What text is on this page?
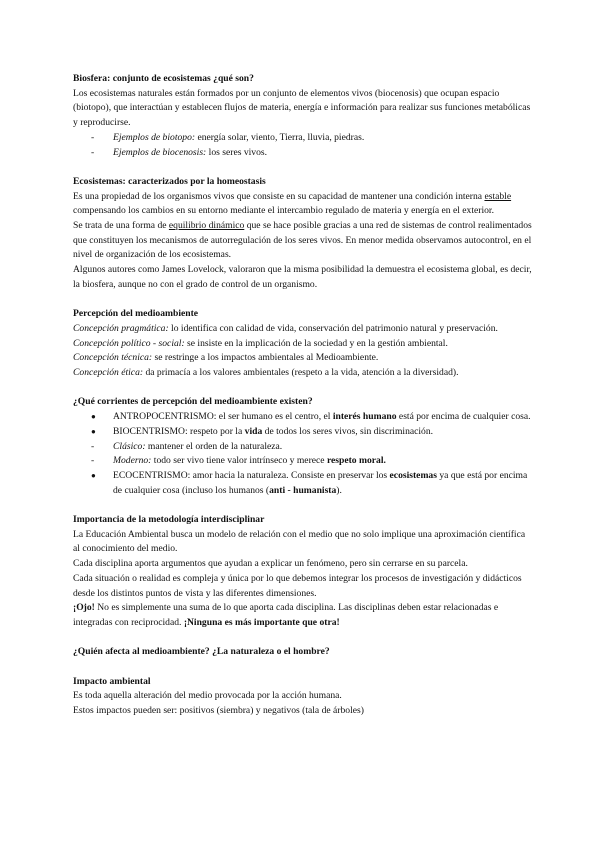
Biosfera: conjunto de ecosistemas ¿qué son?

Los ecosistemas naturales están formados por un conjunto de elementos vivos (biocenosis) que ocupan espacio (biotopo), que interactúan y establecen flujos de materia, energía e información para realizar sus funciones metabólicas y reproducirse.

- Ejemplos de biotopo: energía solar, viento, Tierra, lluvia, piedras.
- Ejemplos de biocenosis: los seres vivos.

Ecosistemas: caracterizados por la homeostasis

Es una propiedad de los organismos vivos que consiste en su capacidad de mantener una condición interna estable compensando los cambios en su entorno mediante el intercambio regulado de materia y energía en el exterior.

Se trata de una forma de equilibrio dinámico que se hace posible gracias a una red de sistemas de control realimentados que constituyen los mecanismos de autorregulación de los seres vivos. En menor medida observamos autocontrol, en el nivel de organización de los ecosistemas.

Algunos autores como James Lovelock, valoraron que la misma posibilidad la demuestra el ecosistema global, es decir, la biosfera, aunque no con el grado de control de un organismo.

Percepción del medioambiente

Concepción pragmática: lo identifica con calidad de vida, conservación del patrimonio natural y preservación.

Concepción político - social: se insiste en la implicación de la sociedad y en la gestión ambiental.

Concepción técnica: se restringe a los impactos ambientales al Medioambiente.

Concepción ética: da primacía a los valores ambientales (respeto a la vida, atención a la diversidad).

¿Qué corrientes de percepción del medioambiente existen?

● ANTROPOCENTRISMO: el ser humano es el centro, el interés humano está por encima de cualquier cosa.
● BIOCENTRISMO: respeto por la vida de todos los seres vivos, sin discriminación.
- Clásico: mantener el orden de la naturaleza.
- Moderno: todo ser vivo tiene valor intrínseco y merece respeto moral.
● ECOCENTRISMO: amor hacia la naturaleza. Consiste en preservar los ecosistemas ya que está por encima de cualquier cosa (incluso los humanos (anti - humanista).

Importancia de la metodología interdisciplinar

La Educación Ambiental busca un modelo de relación con el medio que no solo implique una aproximación científica al conocimiento del medio.

Cada disciplina aporta argumentos que ayudan a explicar un fenómeno, pero sin cerrarse en su parcela.

Cada situación o realidad es compleja y única por lo que debemos integrar los procesos de investigación y didácticos desde los distintos puntos de vista y las diferentes dimensiones.

¡Ojo! No es simplemente una suma de lo que aporta cada disciplina. Las disciplinas deben estar relacionadas e integradas con reciprocidad. ¡Ninguna es más importante que otra!

¿Quién afecta al medioambiente? ¿La naturaleza o el hombre?

Impacto ambiental

Es toda aquella alteración del medio provocada por la acción humana.

Estos impactos pueden ser: positivos (siembra) y negativos (tala de árboles)
